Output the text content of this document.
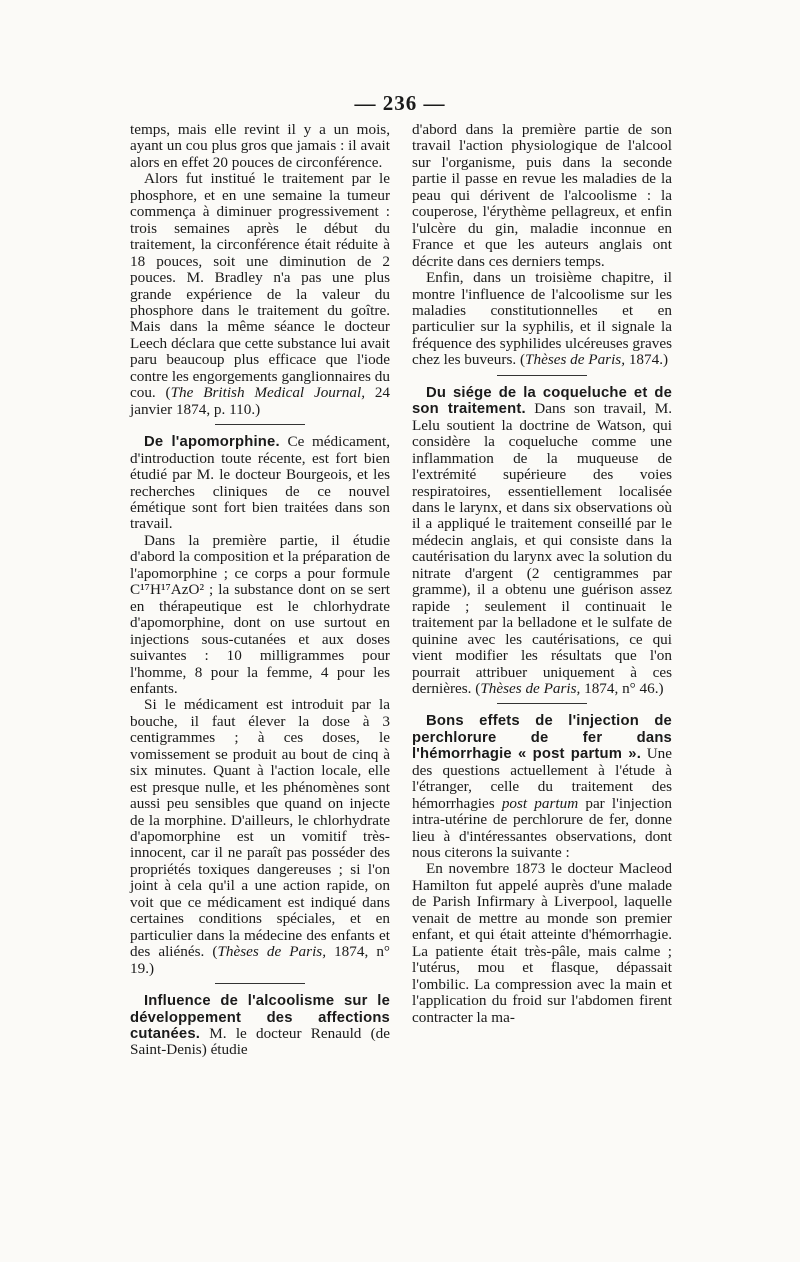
— 236 —

temps, mais elle revint il y a un mois, ayant un cou plus gros que jamais : il avait alors en effet 20 pouces de circonférence.

Alors fut institué le traitement par le phosphore, et en une semaine la tumeur commença à diminuer progressivement : trois semaines après le début du traitement, la circonférence était réduite à 18 pouces, soit une diminution de 2 pouces. M. Bradley n'a pas une plus grande expérience de la valeur du phosphore dans le traitement du goître. Mais dans la même séance le docteur Leech déclara que cette substance lui avait paru beaucoup plus efficace que l'iode contre les engorgements ganglionnaires du cou. (The British Medical Journal, 24 janvier 1874, p. 110.)

De l'apomorphine. Ce médicament, d'introduction toute récente, est fort bien étudié par M. le docteur Bourgeois, et les recherches cliniques de ce nouvel émétique sont fort bien traitées dans son travail.

Dans la première partie, il étudie d'abord la composition et la préparation de l'apomorphine ; ce corps a pour formule C¹⁷H¹⁷AzO² ; la substance dont on se sert en thérapeutique est le chlorhydrate d'apomorphine, dont on use surtout en injections sous-cutanées et aux doses suivantes : 10 milligrammes pour l'homme, 8 pour la femme, 4 pour les enfants.

Si le médicament est introduit par la bouche, il faut élever la dose à 3 centigrammes ; à ces doses, le vomissement se produit au bout de cinq à six minutes. Quant à l'action locale, elle est presque nulle, et les phénomènes sont aussi peu sensibles que quand on injecte de la morphine. D'ailleurs, le chlorhydrate d'apomorphine est un vomitif très-innocent, car il ne paraît pas posséder des propriétés toxiques dangereuses ; si l'on joint à cela qu'il a une action rapide, on voit que ce médicament est indiqué dans certaines conditions spéciales, et en particulier dans la médecine des enfants et des aliénés. (Thèses de Paris, 1874, n° 19.)

Influence de l'alcoolisme sur le développement des affections cutanées. M. le docteur Renauld (de Saint-Denis) étudie

d'abord dans la première partie de son travail l'action physiologique de l'alcool sur l'organisme, puis dans la seconde partie il passe en revue les maladies de la peau qui dérivent de l'alcoolisme : la couperose, l'érythème pellagreux, et enfin l'ulcère du gin, maladie inconnue en France et que les auteurs anglais ont décrite dans ces derniers temps.

Enfin, dans un troisième chapitre, il montre l'influence de l'alcoolisme sur les maladies constitutionnelles et en particulier sur la syphilis, et il signale la fréquence des syphilides ulcéreuses graves chez les buveurs. (Thèses de Paris, 1874.)

Du siége de la coqueluche et de son traitement. Dans son travail, M. Lelu soutient la doctrine de Watson, qui considère la coqueluche comme une inflammation de la muqueuse de l'extrémité supérieure des voies respiratoires, essentiellement localisée dans le larynx, et dans six observations où il a appliqué le traitement conseillé par le médecin anglais, et qui consiste dans la cautérisation du larynx avec la solution du nitrate d'argent (2 centigrammes par gramme), il a obtenu une guérison assez rapide ; seulement il continuait le traitement par la belladone et le sulfate de quinine avec les cautérisations, ce qui vient modifier les résultats que l'on pourrait attribuer uniquement à ces dernières. (Thèses de Paris, 1874, n° 46.)

Bons effets de l'injection de perchlorure de fer dans l'hémorrhagie « post partum ». Une des questions actuellement à l'étude à l'étranger, celle du traitement des hémorrhagies post partum par l'injection intra-utérine de perchlorure de fer, donne lieu à d'intéressantes observations, dont nous citerons la suivante :

En novembre 1873 le docteur Macleod Hamilton fut appelé auprès d'une malade de Parish Infirmary à Liverpool, laquelle venait de mettre au monde son premier enfant, et qui était atteinte d'hémorrhagie. La patiente était très-pâle, mais calme ; l'utérus, mou et flasque, dépassait l'ombilic. La compression avec la main et l'application du froid sur l'abdomen firent contracter la ma-
